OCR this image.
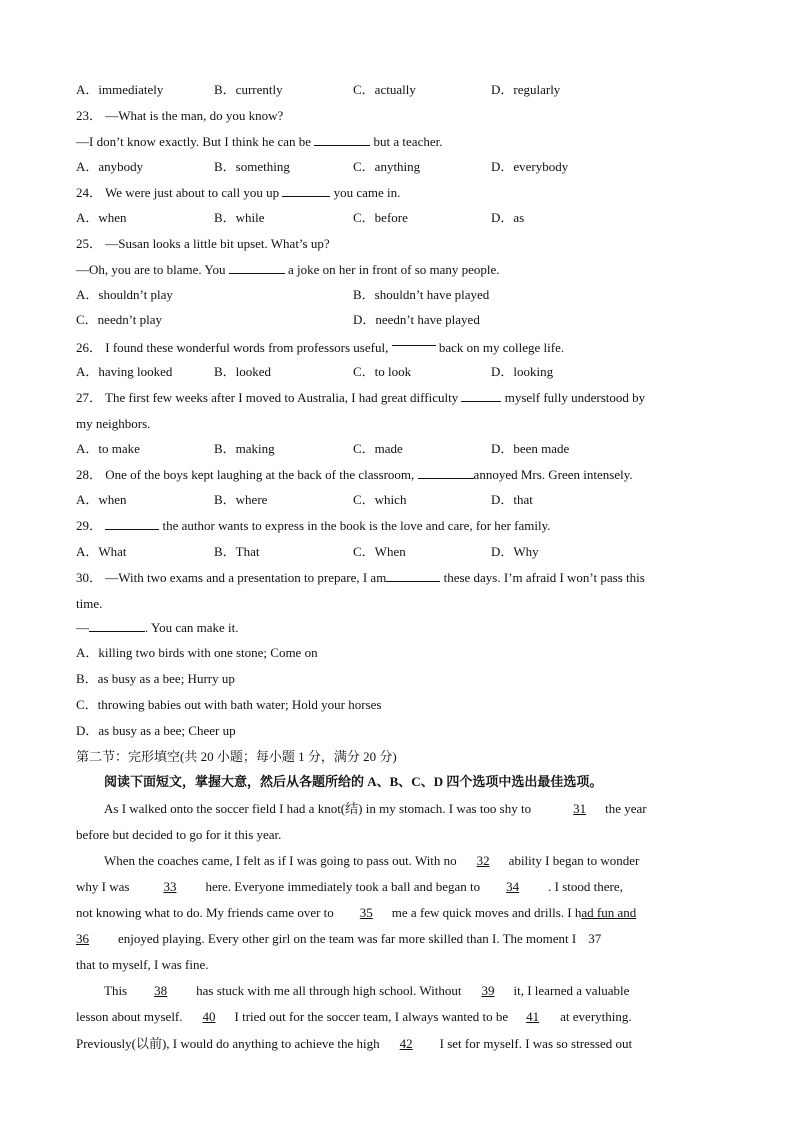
A．immediately	B．currently	C．actually	D．regularly
23． —What is the man, do you know?
—I don’t know exactly. But I think he can be	but a teacher.
A．anybody	B．something	C．anything	D．everybody
24． We were just about to call you up	you came in.
A．when	B．while	C．before	D．as
25． —Susan looks a little bit upset. What’s up?
—Oh, you are to blame. You	a joke on her in front of so many people.
A．shouldn’t play	B．shouldn’t have played
C．needn’t play	D．needn’t have played
26． I found these wonderful words from professors useful,	back on my college life.
A．having looked	B．looked	C．to look	D．looking
27． The first few weeks after I moved to Australia, I had great difficulty	myself fully understood by
my neighbors.
A．to make	B．making	C．made	D．been made
28． One of the boys kept laughing at the back of the classroom,	annoyed Mrs. Green intensely.
A．when	B．where	C．which	D．that
29．	the author wants to express in the book is the love and care, for her family.
A．What	B．That	C．When	D．Why
30． —With two exams and a presentation to prepare, I am	these days. I’m afraid I won’t pass this
time.
—	. You can make it.
A．killing two birds with one stone; Come on
B．as busy as a bee; Hurry up
C．throwing babies out with bath water; Hold your horses
D．as busy as a bee; Cheer up
第二节：完形填空(共 20 小题；每小题 1 分，满分 20 分)
阅读下面短文，掌握大意，然后从各题所给的 A、B、C、D 四个选项中选出最佳选项。
As I walked onto the soccer field I had a knot(结) in my stomach. I was too shy to	31 the year
before but decided to go for it this year.
When the coaches came, I felt as if I was going to pass out. With no 32 ability I began to wonder
why I was	33 here. Everyone immediately took a ball and began to 34 . I stood there,
not knowing what to do. My friends came over to 35 me a few quick moves and drills. I had fun and
36 enjoyed playing. Every other girl on the team was far more skilled than I. The moment I 37
that to myself, I was fine.
This 38 has stuck with me all through high school. Without 39 it, I learned a valuable
lesson about myself. 40 I tried out for the soccer team, I always wanted to be 41 at everything.
Previously(以前), I would do anything to achieve the high 42 I set for myself. I was so stressed out
